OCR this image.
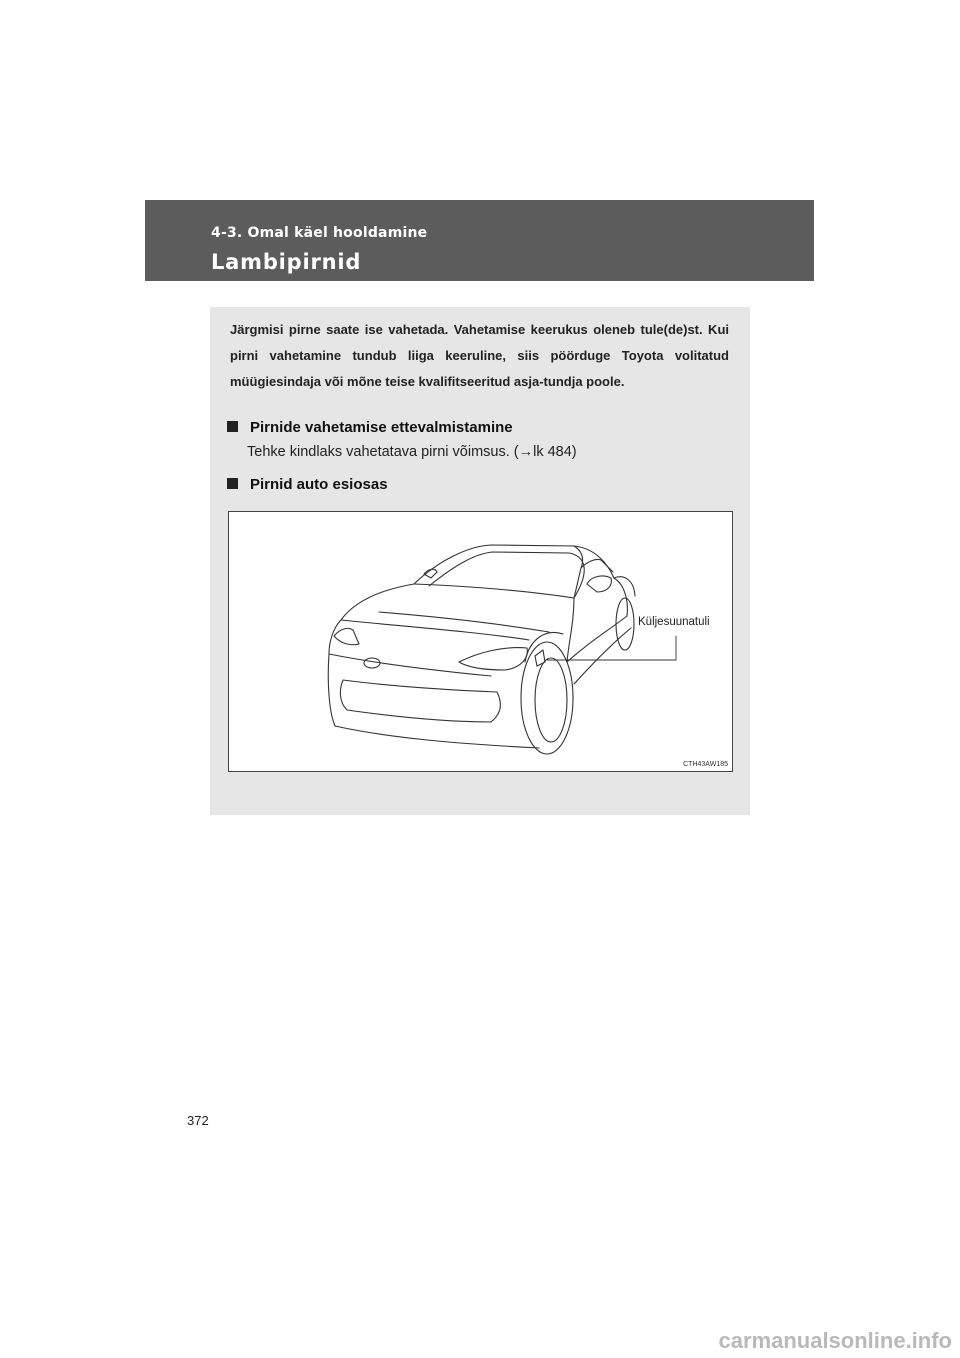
4-3. Omal käel hooldamine
Lambipirnid
Järgmisi pirne saate ise vahetada. Vahetamise keerukus oleneb tule(de)st. Kui pirni vahetamine tundub liiga keeruline, siis pöörduge Toyota volitatud müügiesindaja või mõne teise kvalifitseeritud asja-tundja poole.
Pirnide vahetamise ettevalmistamine
Tehke kindlaks vahetatava pirni võimsus. (→lk 484)
Pirnid auto esiosas
Küljesuunatuli
CTH43AW185
372
carmanualsonline.info
